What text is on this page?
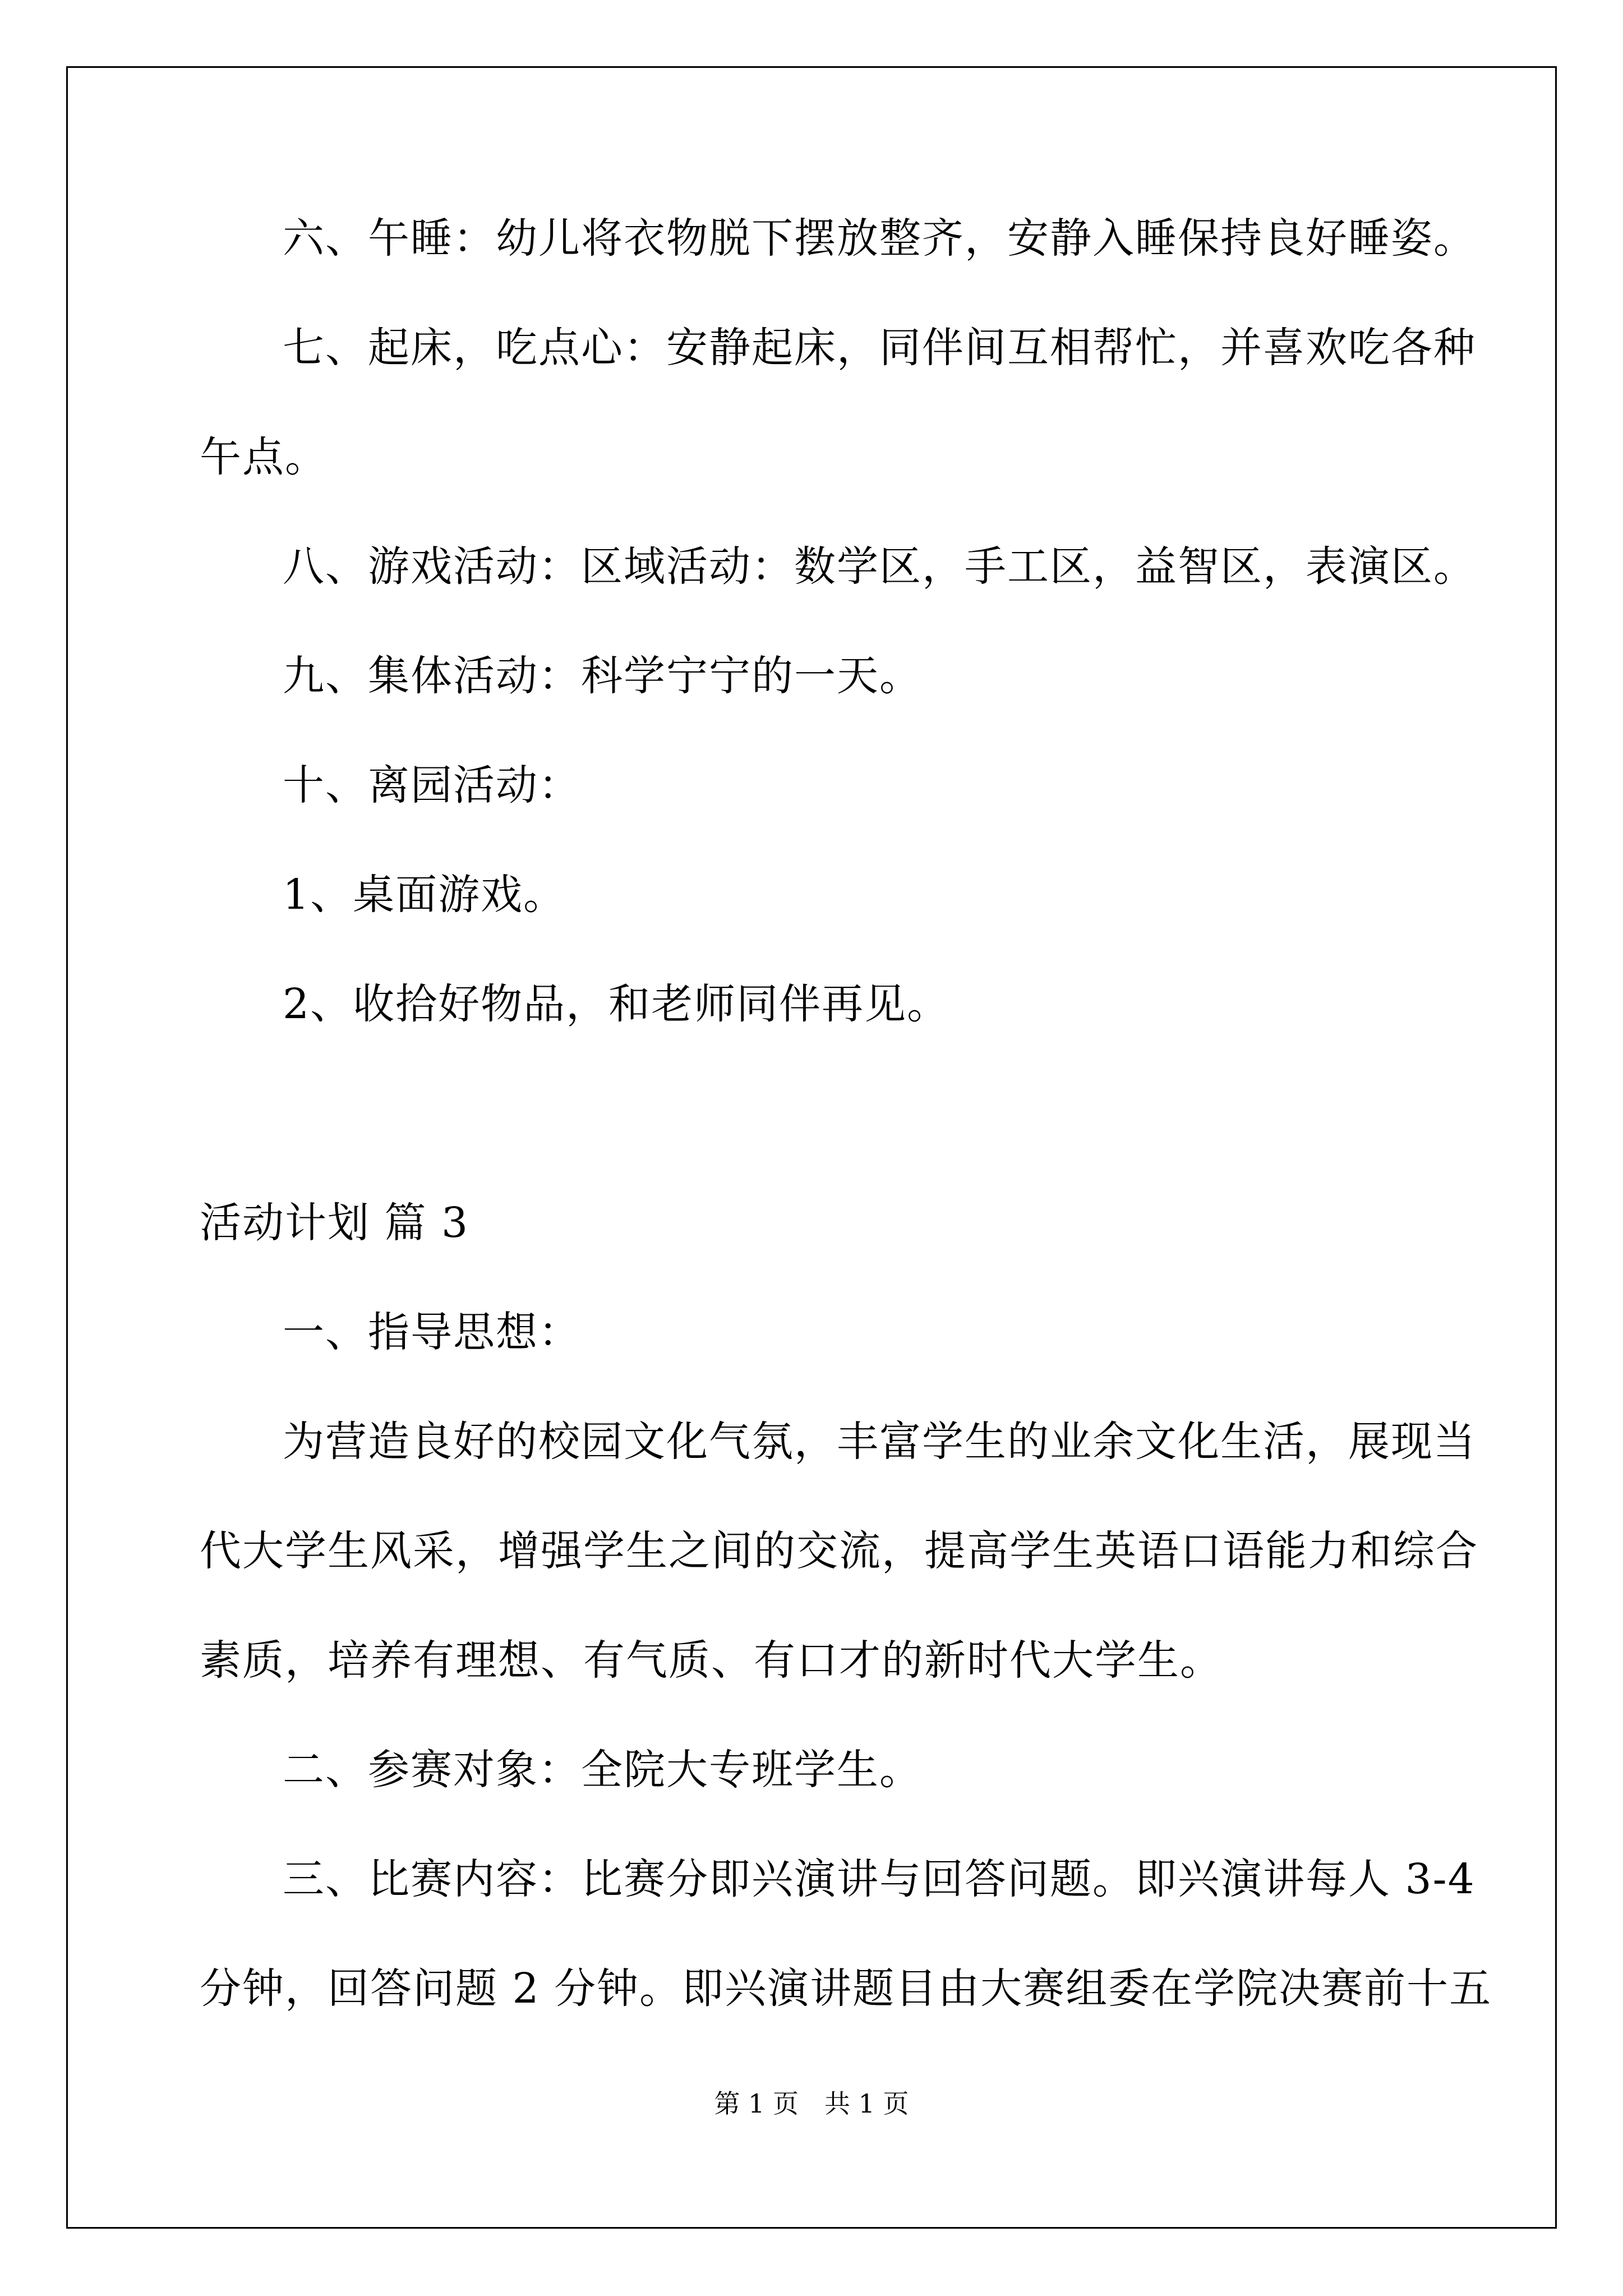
六、午睡：幼儿将衣物脱下摆放整齐，安静入睡保持良好睡姿。
七、起床，吃点心：安静起床，同伴间互相帮忙，并喜欢吃各种
午点。
八、游戏活动：区域活动：数学区，手工区，益智区，表演区。
九、集体活动：科学宁宁的一天。
十、离园活动：
1、桌面游戏。
2、收拾好物品，和老师同伴再见。
活动计划 篇 3
一、指导思想：
为营造良好的校园文化气氛，丰富学生的业余文化生活，展现当
代大学生风采，增强学生之间的交流，提高学生英语口语能力和综合
素质，培养有理想、有气质、有口才的新时代大学生。
二、参赛对象：全院大专班学生。
三、比赛内容：比赛分即兴演讲与回答问题。即兴演讲每人 3-4
分钟，回答问题 2 分钟。即兴演讲题目由大赛组委在学院决赛前十五
第 1 页　共 1 页
